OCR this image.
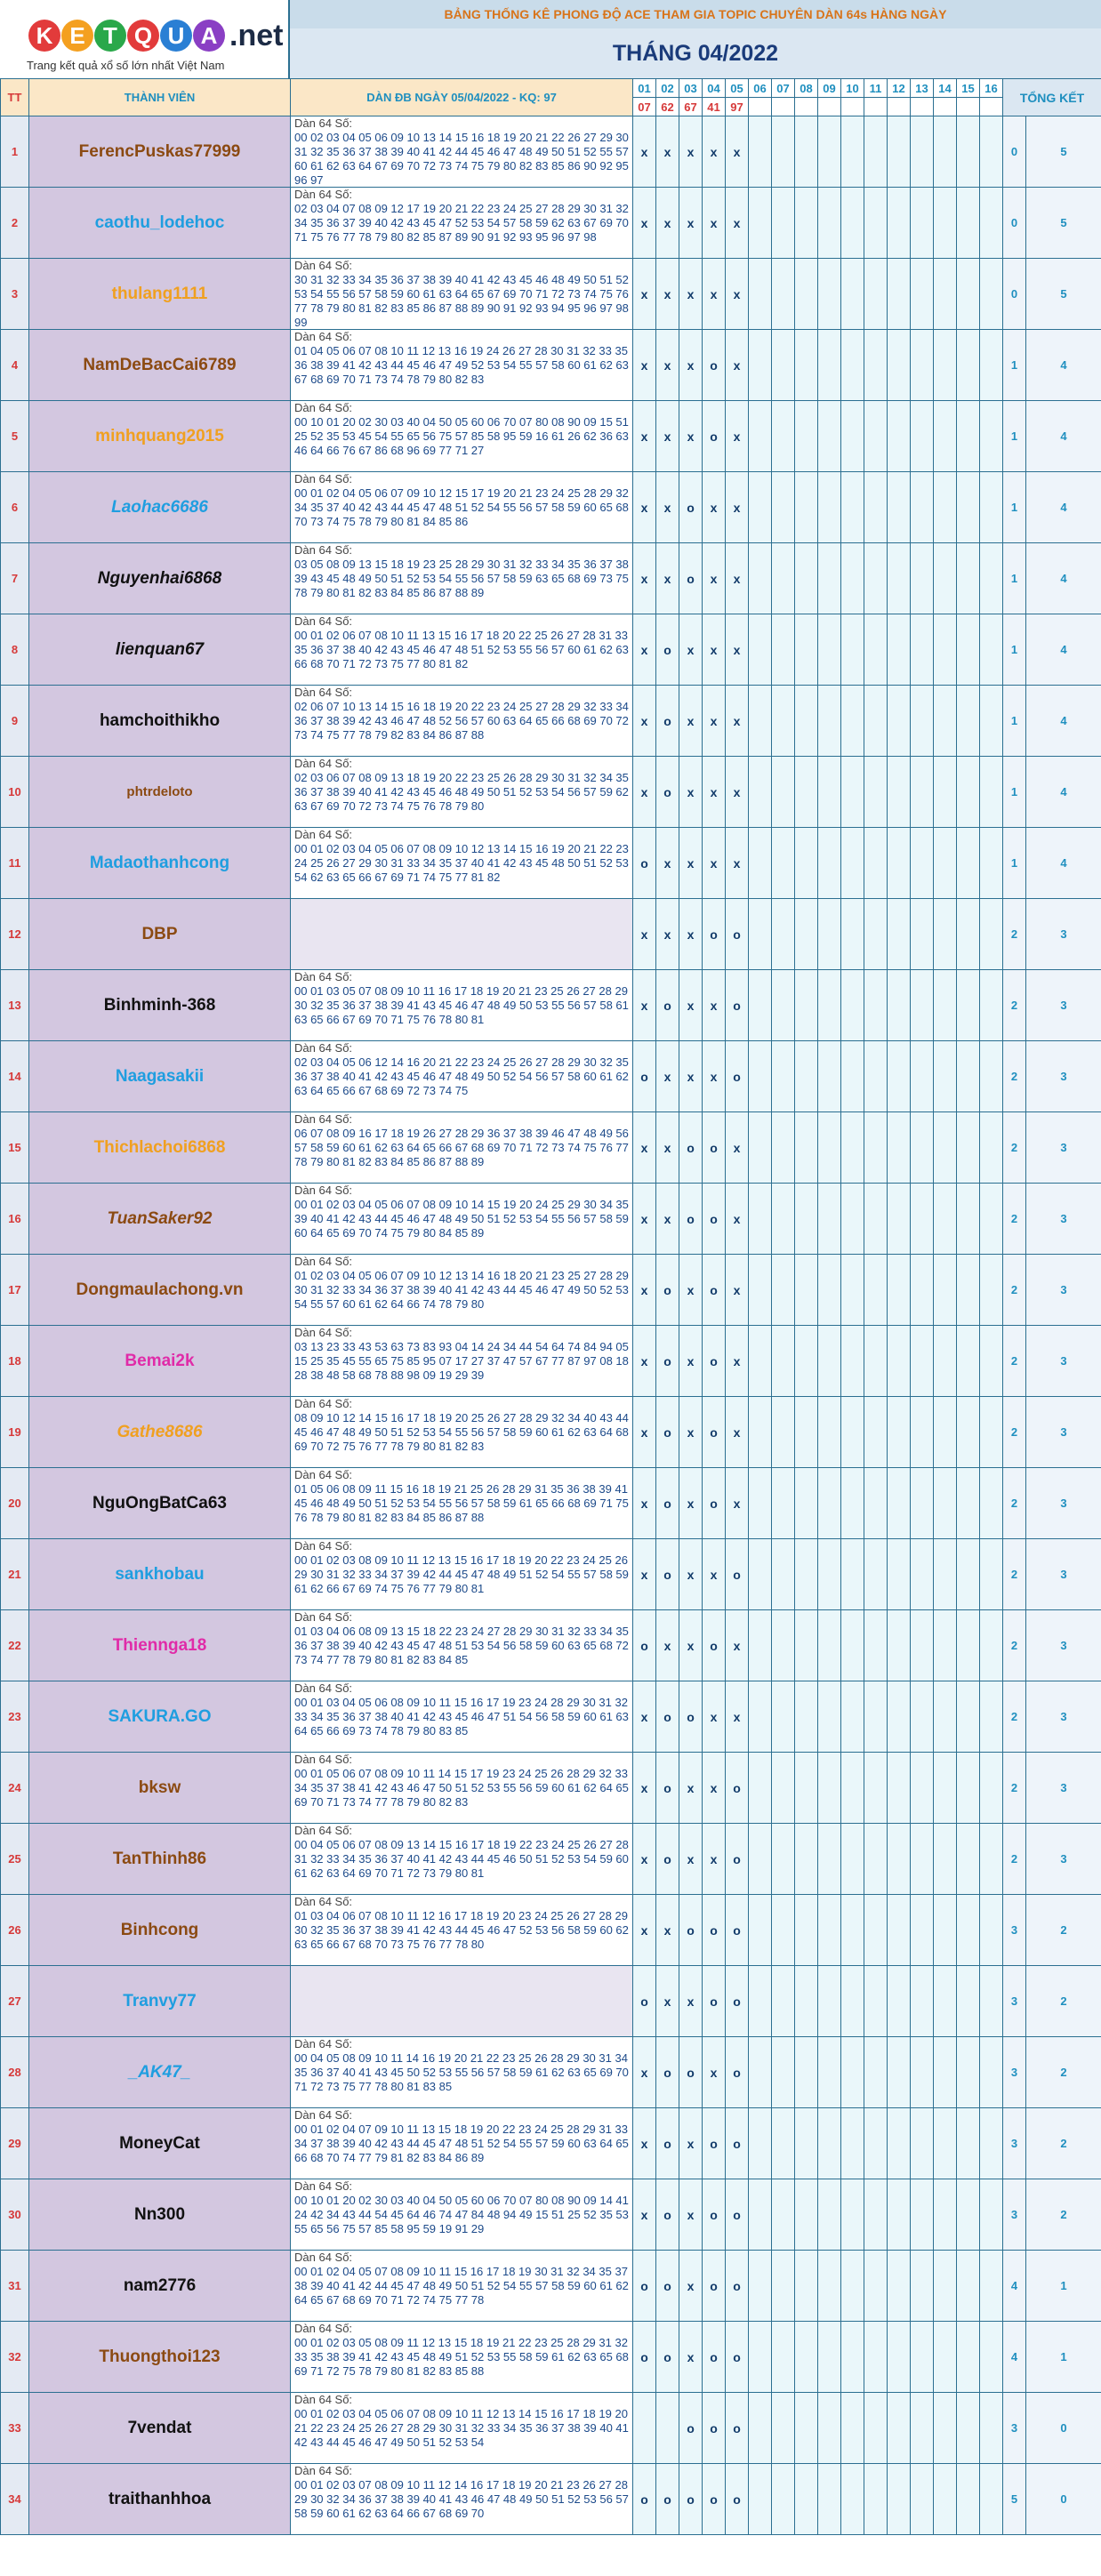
K E T Q U A .net
Trang kết quả xổ số lớn nhất Việt Nam
BẢNG THỐNG KÊ PHONG ĐỘ ACE THAM GIA TOPIC CHUYÊN DÀN 64s HÀNG NGÀY
THÁNG 04/2022
TT	THÀNH VIÊN	DÀN ĐB NGÀY 05/04/2022 - KQ: 97	01	02	03	04	05	06	07	08	09	10	11	12	13	14	15	16	TỔNG KẾT	
			07	62	67	41	97													
1	FerencPuskas77999	Dàn 64 Số:
00 02 03 04 05 06 09 10 13 14 15 16 18 19 20 21 22 26 27 29 30 31 32 35 36 37 38 39 40 41 42 44 45 46 47 48 49 50 51 52 55 57 60 61 62 63 64 67 69 70 72 73 74 75 79 80 82 83 85 86 90 92 95 96 97	x	x	x	x	x												0	5
2	caothu_lodehoc	Dàn 64 Số:
02 03 04 07 08 09 12 17 19 20 21 22 23 24 25 27 28 29 30 31 32 34 35 36 37 39 40 42 43 45 47 52 53 54 57 58 59 62 63 67 69 70 71 75 76 77 78 79 80 82 85 87 89 90 91 92 93 95 96 97 98	x	x	x	x	x												0	5
3	thulang1111	Dàn 64 Số:
30 31 32 33 34 35 36 37 38 39 40 41 42 43 45 46 48 49 50 51 52 53 54 55 56 57 58 59 60 61 63 64 65 67 69 70 71 72 73 74 75 76 77 78 79 80 81 82 83 85 86 87 88 89 90 91 92 93 94 95 96 97 98 99	x	x	x	x	x												0	5
4	NamDeBacCai6789	Dàn 64 Số:
01 04 05 06 07 08 10 11 12 13 16 19 24 26 27 28 30 31 32 33 35 36 38 39 41 42 43 44 45 46 47 49 52 53 54 55 57 58 60 61 62 63 67 68 69 70 71 73 74 78 79 80 82 83	x	x	x	o	x												1	4
5	minhquang2015	Dàn 64 Số:
00 10 01 20 02 30 03 40 04 50 05 60 06 70 07 80 08 90 09 15 51 25 52 35 53 45 54 55 65 56 75 57 85 58 95 59 16 61 26 62 36 63 46 64 66 76 67 86 68 96 69 77 71 27	x	x	x	o	x												1	4
6	Laohac6686	Dàn 64 Số:
00 01 02 04 05 06 07 09 10 12 15 17 19 20 21 23 24 25 28 29 32 34 35 37 40 42 43 44 45 47 48 51 52 54 55 56 57 58 59 60 65 68 70 73 74 75 78 79 80 81 84 85 86	x	x	o	x	x												1	4
7	Nguyenhai6868	Dàn 64 Số:
03 05 08 09 13 15 18 19 23 25 28 29 30 31 32 33 34 35 36 37 38 39 43 45 48 49 50 51 52 53 54 55 56 57 58 59 63 65 68 69 73 75 78 79 80 81 82 83 84 85 86 87 88 89	x	x	o	x	x												1	4
8	lienquan67	Dàn 64 Số:
00 01 02 06 07 08 10 11 13 15 16 17 18 20 22 25 26 27 28 31 33 35 36 37 38 40 42 43 45 46 47 48 51 52 53 55 56 57 60 61 62 63 66 68 70 71 72 73 75 77 80 81 82	x	o	x	x	x												1	4
9	hamchoithikho	Dàn 64 Số:
02 06 07 10 13 14 15 16 18 19 20 22 23 24 25 27 28 29 32 33 34 36 37 38 39 42 43 46 47 48 52 56 57 60 63 64 65 66 68 69 70 72 73 74 75 77 78 79 82 83 84 86 87 88	x	o	x	x	x												1	4
10	phtrdeloto	Dàn 64 Số:
02 03 06 07 08 09 13 18 19 20 22 23 25 26 28 29 30 31 32 34 35 36 37 38 39 40 41 42 43 45 46 48 49 50 51 52 53 54 56 57 59 62 63 67 69 70 72 73 74 75 76 78 79 80	x	o	x	x	x												1	4
11	Madaothanhcong	Dàn 64 Số:
00 01 02 03 04 05 06 07 08 09 10 12 13 14 15 16 19 20 21 22 23 24 25 26 27 29 30 31 33 34 35 37 40 41 42 43 45 48 50 51 52 53 54 62 63 65 66 67 69 71 74 75 77 81 82	o	x	x	x	x												1	4
12	DBP		x	x	x	o	o												2	3
13	Binhminh-368	Dàn 64 Số:
00 01 03 05 07 08 09 10 11 16 17 18 19 20 21 23 25 26 27 28 29 30 32 35 36 37 38 39 41 43 45 46 47 48 49 50 53 55 56 57 58 61 63 65 66 67 69 70 71 75 76 78 80 81	x	o	x	x	o												2	3
14	Naagasakii	Dàn 64 Số:
02 03 04 05 06 12 14 16 20 21 22 23 24 25 26 27 28 29 30 32 35 36 37 38 40 41 42 43 45 46 47 48 49 50 52 54 56 57 58 60 61 62 63 64 65 66 67 68 69 72 73 74 75	o	x	x	x	o												2	3
15	Thichlachoi6868	Dàn 64 Số:
06 07 08 09 16 17 18 19 26 27 28 29 36 37 38 39 46 47 48 49 56 57 58 59 60 61 62 63 64 65 66 67 68 69 70 71 72 73 74 75 76 77 78 79 80 81 82 83 84 85 86 87 88 89	x	x	o	o	x												2	3
16	TuanSaker92	Dàn 64 Số:
00 01 02 03 04 05 06 07 08 09 10 14 15 19 20 24 25 29 30 34 35 39 40 41 42 43 44 45 46 47 48 49 50 51 52 53 54 55 56 57 58 59 60 64 65 69 70 74 75 79 80 84 85 89	x	x	o	o	x												2	3
17	Dongmaulachong.vn	Dàn 64 Số:
01 02 03 04 05 06 07 09 10 12 13 14 16 18 20 21 23 25 27 28 29 30 31 32 33 34 36 37 38 39 40 41 42 43 44 45 46 47 49 50 52 53 54 55 57 60 61 62 64 66 74 78 79 80	x	o	x	o	x												2	3
18	Bemai2k	Dàn 64 Số:
03 13 23 33 43 53 63 73 83 93 04 14 24 34 44 54 64 74 84 94 05 15 25 35 45 55 65 75 85 95 07 17 27 37 47 57 67 77 87 97 08 18 28 38 48 58 68 78 88 98 09 19 29 39	x	o	x	o	x												2	3
19	Gathe8686	Dàn 64 Số:
08 09 10 12 14 15 16 17 18 19 20 25 26 27 28 29 32 34 40 43 44 45 46 47 48 49 50 51 52 53 54 55 56 57 58 59 60 61 62 63 64 68 69 70 72 75 76 77 78 79 80 81 82 83	x	o	x	o	x												2	3
20	NguOngBatCa63	Dàn 64 Số:
01 05 06 08 09 11 15 16 18 19 21 25 26 28 29 31 35 36 38 39 41 45 46 48 49 50 51 52 53 54 55 56 57 58 59 61 65 66 68 69 71 75 76 78 79 80 81 82 83 84 85 86 87 88	x	o	x	o	x												2	3
21	sankhobau	Dàn 64 Số:
00 01 02 03 08 09 10 11 12 13 15 16 17 18 19 20 22 23 24 25 26 29 30 31 32 33 34 37 39 42 44 45 47 48 49 51 52 54 55 57 58 59 61 62 66 67 69 74 75 76 77 79 80 81	x	o	x	x	o												2	3
22	Thiennga18	Dàn 64 Số:
01 03 04 06 08 09 13 15 18 22 23 24 27 28 29 30 31 32 33 34 35 36 37 38 39 40 42 43 45 47 48 51 53 54 56 58 59 60 63 65 68 72 73 74 77 78 79 80 81 82 83 84 85	o	x	x	o	x												2	3
23	SAKURA.GO	Dàn 64 Số:
00 01 03 04 05 06 08 09 10 11 15 16 17 19 23 24 28 29 30 31 32 33 34 35 36 37 38 40 41 42 43 45 46 47 51 54 56 58 59 60 61 63 64 65 66 69 73 74 78 79 80 83 85	x	o	o	x	x												2	3
24	bksw	Dàn 64 Số:
00 01 05 06 07 08 09 10 11 14 15 17 19 23 24 25 26 28 29 32 33 34 35 37 38 41 42 43 46 47 50 51 52 53 55 56 59 60 61 62 64 65 69 70 71 73 74 77 78 79 80 82 83	x	o	x	x	o												2	3
25	TanThinh86	Dàn 64 Số:
00 04 05 06 07 08 09 13 14 15 16 17 18 19 22 23 24 25 26 27 28 31 32 33 34 35 36 37 40 41 42 43 44 45 46 50 51 52 53 54 59 60 61 62 63 64 69 70 71 72 73 79 80 81	x	o	x	x	o												2	3
26	Binhcong	Dàn 64 Số:
01 03 04 06 07 08 10 11 12 16 17 18 19 20 23 24 25 26 27 28 29 30 32 35 36 37 38 39 41 42 43 44 45 46 47 52 53 56 58 59 60 62 63 65 66 67 68 70 73 75 76 77 78 80	x	x	o	o	o												3	2
27	Tranvy77		o	x	x	o	o												3	2
28	_AK47_	Dàn 64 Số:
00 04 05 08 09 10 11 14 16 19 20 21 22 23 25 26 28 29 30 31 34 35 36 37 40 41 43 45 50 52 53 55 56 57 58 59 61 62 63 65 69 70 71 72 73 75 77 78 80 81 83 85	x	o	o	x	o												3	2
29	MoneyCat	Dàn 64 Số:
00 01 02 04 07 09 10 11 13 15 18 19 20 22 23 24 25 28 29 31 33 34 37 38 39 40 42 43 44 45 47 48 51 52 54 55 57 59 60 63 64 65 66 68 70 74 77 79 81 82 83 84 86 89	x	o	x	o	o												3	2
30	Nn300	Dàn 64 Số:
00 10 01 20 02 30 03 40 04 50 05 60 06 70 07 80 08 90 09 14 41 24 42 34 43 44 54 45 64 46 74 47 84 48 94 49 15 51 25 52 35 53 55 65 56 75 57 85 58 95 59 19 91 29	x	o	x	o	o												3	2
31	nam2776	Dàn 64 Số:
00 01 02 04 05 07 08 09 10 11 15 16 17 18 19 30 31 32 34 35 37 38 39 40 41 42 44 45 47 48 49 50 51 52 54 55 57 58 59 60 61 62 64 65 67 68 69 70 71 72 74 75 77 78	o	o	x	o	o												4	1
32	Thuongthoi123	Dàn 64 Số:
00 01 02 03 05 08 09 11 12 13 15 18 19 21 22 23 25 28 29 31 32 33 35 38 39 41 42 43 45 48 49 51 52 53 55 58 59 61 62 63 65 68 69 71 72 75 78 79 80 81 82 83 85 88	o	o	x	o	o												4	1
33	7vendat	Dàn 64 Số:
00 01 02 03 04 05 06 07 08 09 10 11 12 13 14 15 16 17 18 19 20 21 22 23 24 25 26 27 28 29 30 31 32 33 34 35 36 37 38 39 40 41 42 43 44 45 46 47 49 50 51 52 53 54			o	o	o												3	0
34	traithanhhoa	Dàn 64 Số:
00 01 02 03 07 08 09 10 11 12 14 16 17 18 19 20 21 23 26 27 28 29 30 32 34 36 37 38 39 40 41 43 46 47 48 49 50 51 52 53 56 57 58 59 60 61 62 63 64 66 67 68 69 70	o	o	o	o	o												5	0
